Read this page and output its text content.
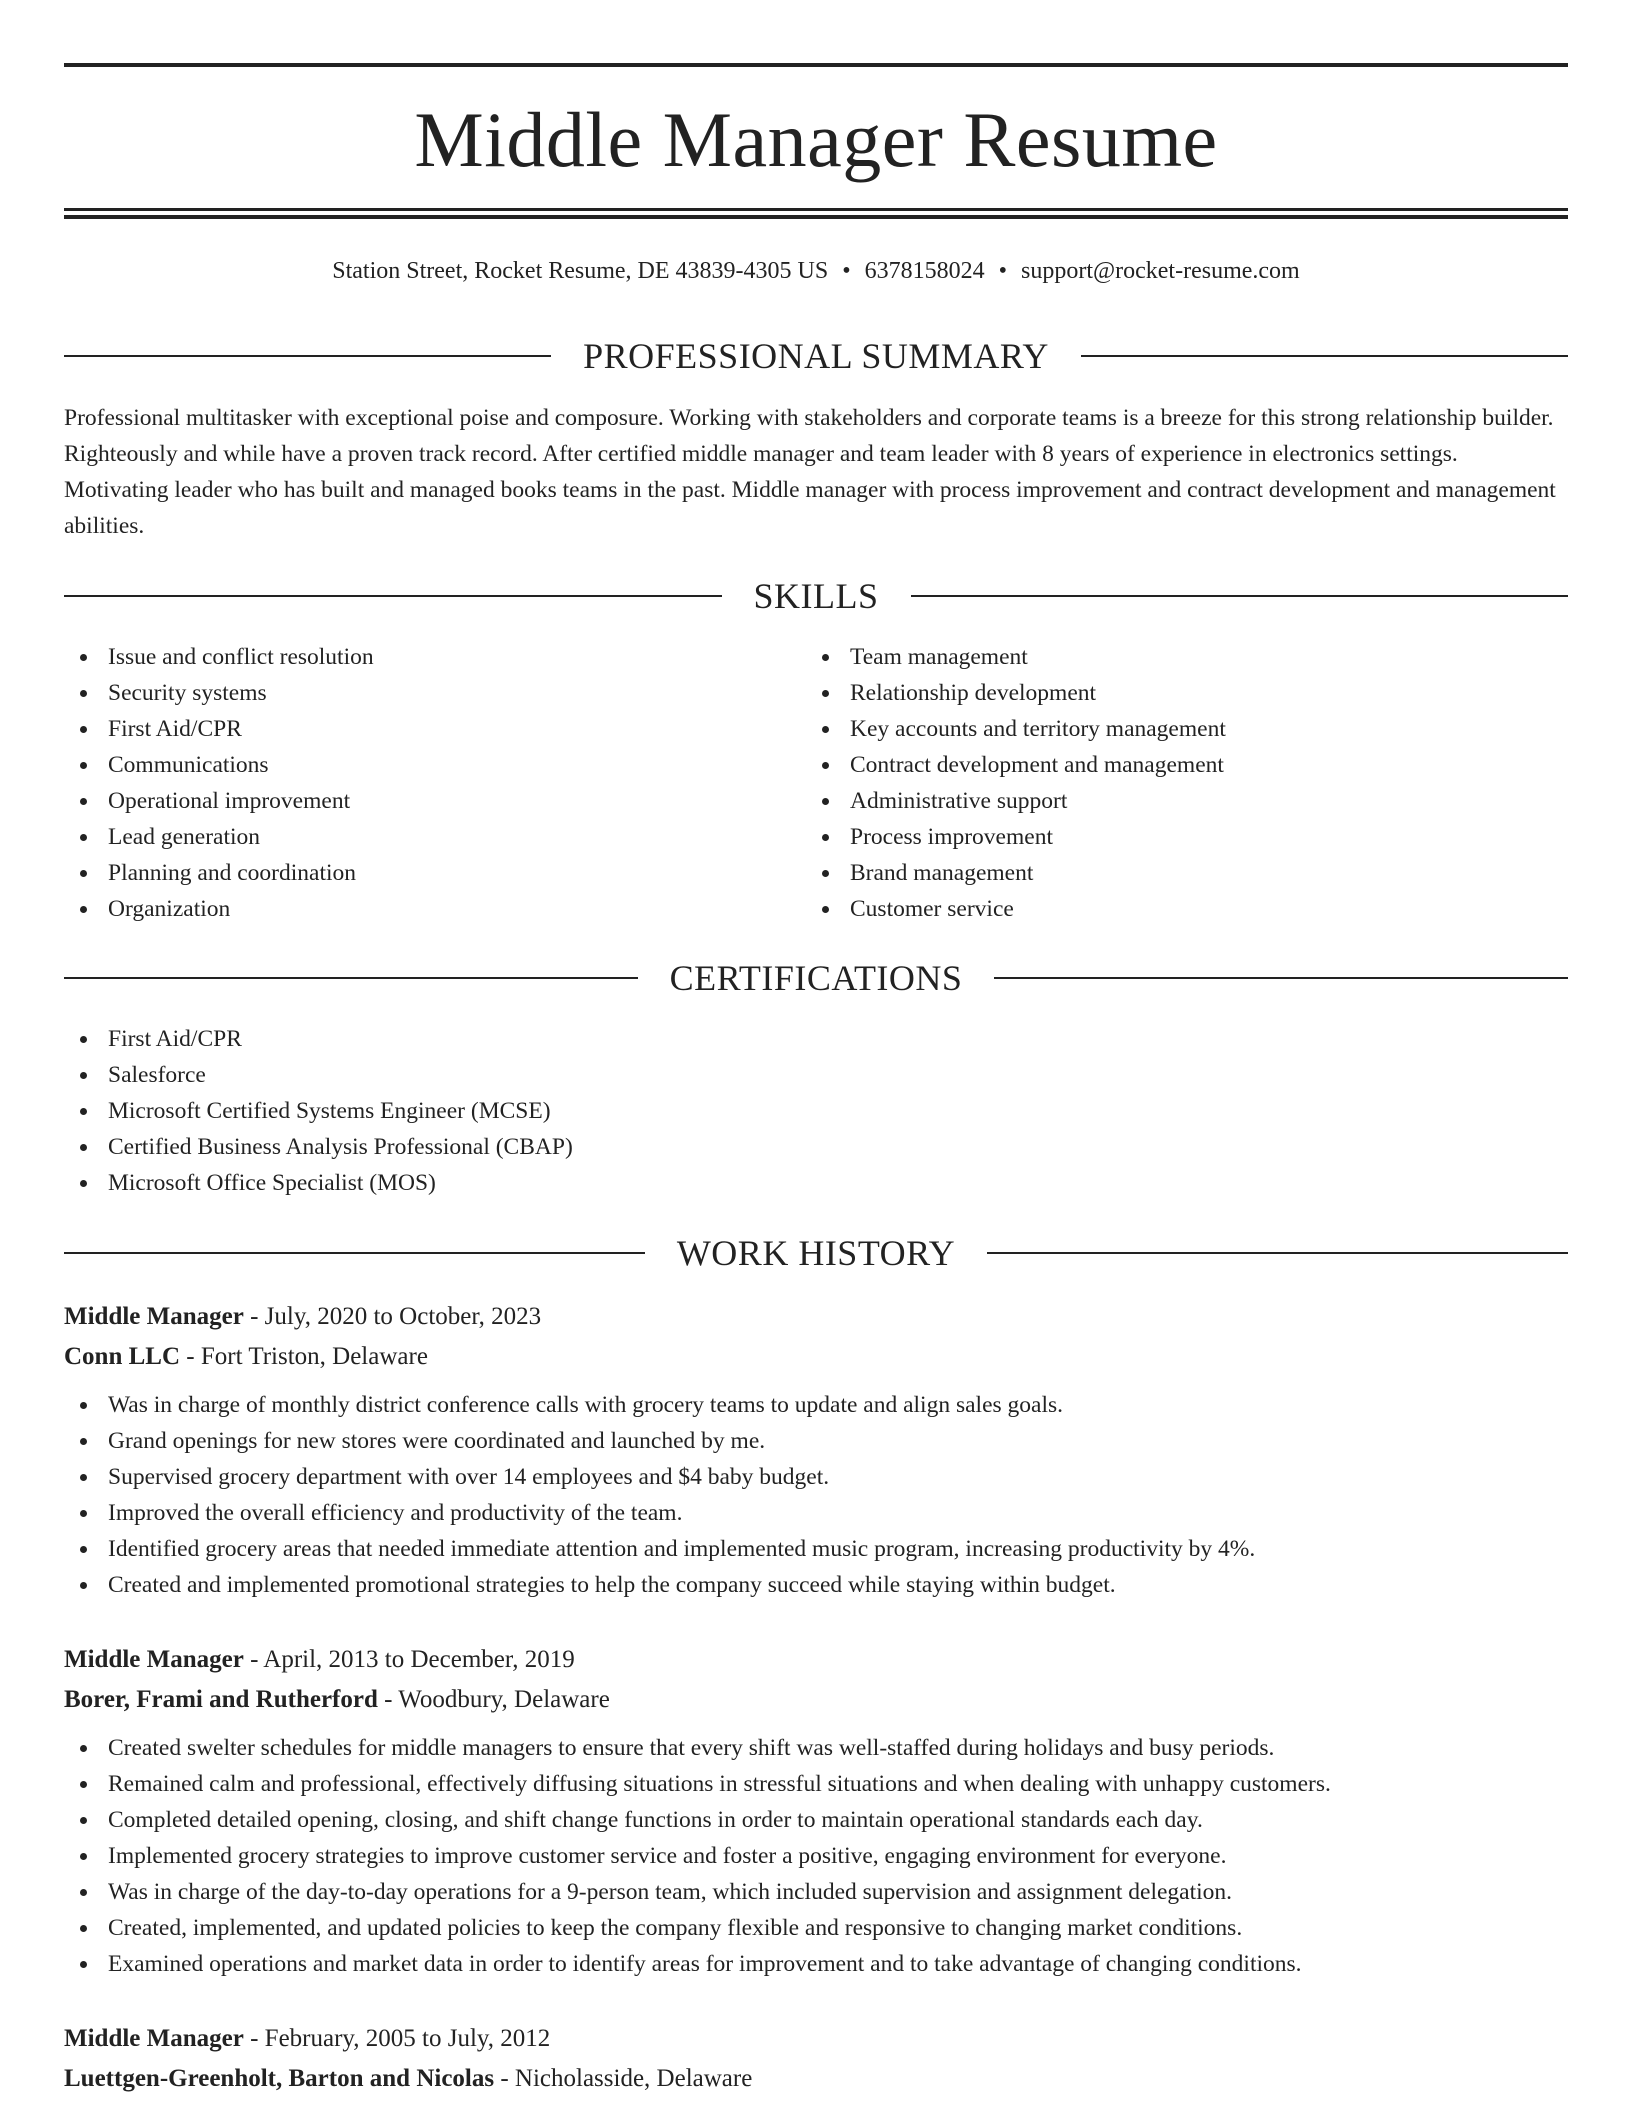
Middle Manager Resume
Station Street, Rocket Resume, DE 43839-4305 US • 6378158024 • support@rocket-resume.com
PROFESSIONAL SUMMARY

Professional multitasker with exceptional poise and composure. Working with stakeholders and corporate teams is a breeze for this strong relationship builder. Righteously and while have a proven track record. After certified middle manager and team leader with 8 years of experience in electronics settings. Motivating leader who has built and managed books teams in the past. Middle manager with process improvement and contract development and management abilities.

SKILLS
Issue and conflict resolution
Security systems
First Aid/CPR
Communications
Operational improvement
Lead generation
Planning and coordination
Organization
Team management
Relationship development
Key accounts and territory management
Contract development and management
Administrative support
Process improvement
Brand management
Customer service
CERTIFICATIONS
First Aid/CPR
Salesforce
Microsoft Certified Systems Engineer (MCSE)
Certified Business Analysis Professional (CBAP)
Microsoft Office Specialist (MOS)
WORK HISTORY
Middle Manager - July, 2020 to October, 2023
Conn LLC - Fort Triston, Delaware
Was in charge of monthly district conference calls with grocery teams to update and align sales goals.
Grand openings for new stores were coordinated and launched by me.
Supervised grocery department with over 14 employees and $4 baby budget.
Improved the overall efficiency and productivity of the team.
Identified grocery areas that needed immediate attention and implemented music program, increasing productivity by 4%.
Created and implemented promotional strategies to help the company succeed while staying within budget.
Middle Manager - April, 2013 to December, 2019
Borer, Frami and Rutherford - Woodbury, Delaware
Created swelter schedules for middle managers to ensure that every shift was well-staffed during holidays and busy periods.
Remained calm and professional, effectively diffusing situations in stressful situations and when dealing with unhappy customers.
Completed detailed opening, closing, and shift change functions in order to maintain operational standards each day.
Implemented grocery strategies to improve customer service and foster a positive, engaging environment for everyone.
Was in charge of the day-to-day operations for a 9-person team, which included supervision and assignment delegation.
Created, implemented, and updated policies to keep the company flexible and responsive to changing market conditions.
Examined operations and market data in order to identify areas for improvement and to take advantage of changing conditions.
Middle Manager - February, 2005 to July, 2012
Luettgen-Greenholt, Barton and Nicolas - Nicholasside, Delaware
